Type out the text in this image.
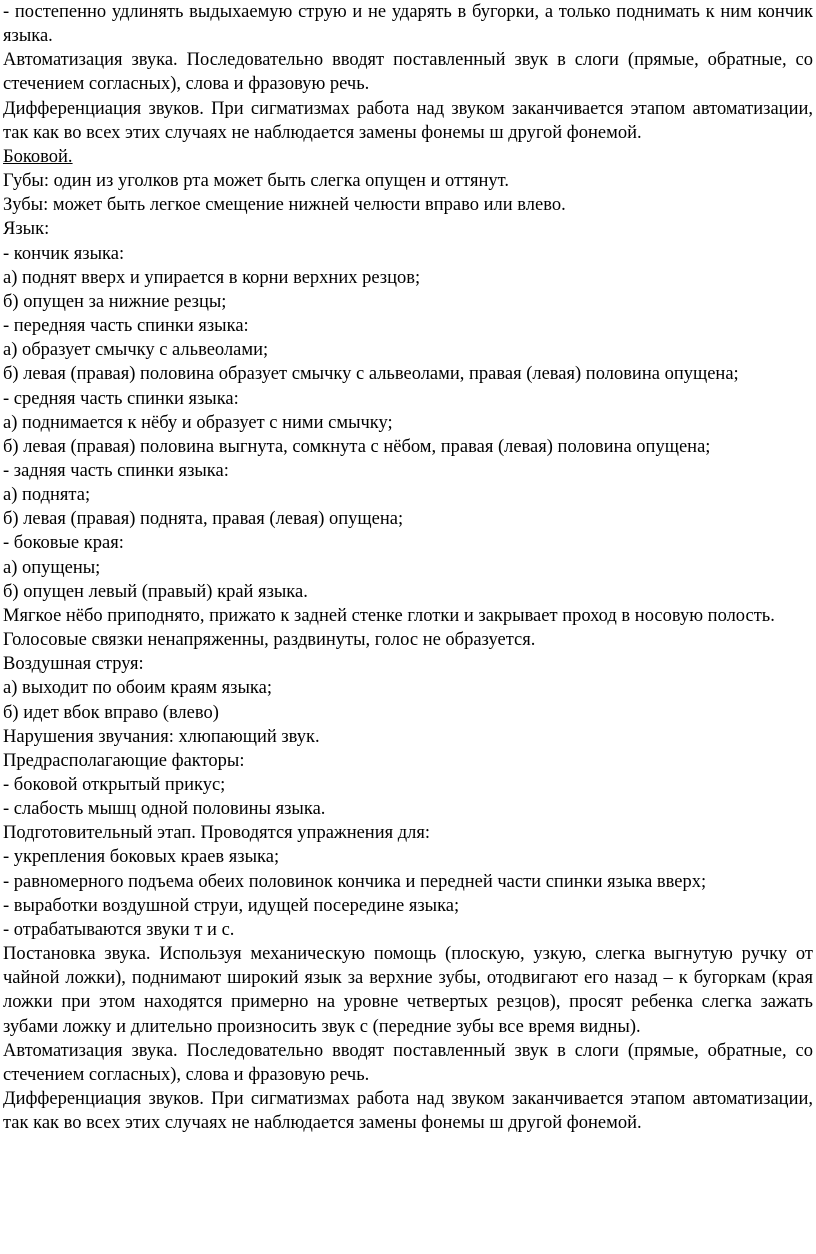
- постепенно удлинять выдыхаемую струю и не ударять в бугорки, а только поднимать к ним кончик языка.

Автоматизация звука. Последовательно вводят поставленный звук в слоги (прямые, обратные, со стечением согласных), слова и фразовую речь.

Дифференциация звуков. При сигматизмах работа над звуком заканчивается этапом автоматизации, так как во всех этих случаях не наблюдается замены фонемы ш другой фонемой.

Боковой.

Губы: один из уголков рта может быть слегка опущен и оттянут.

Зубы: может быть легкое смещение нижней челюсти вправо или влево.

Язык:

- кончик языка:

а) поднят вверх и упирается в корни верхних резцов;

б) опущен за нижние резцы;

- передняя часть спинки языка:

а) образует смычку с альвеолами;

б) левая (правая) половина образует смычку с альвеолами, правая (левая) половина опущена;

- средняя часть спинки языка:

а) поднимается к нёбу и образует с ними смычку;

б) левая (правая) половина выгнута, сомкнута с нёбом, правая (левая) половина опущена;

- задняя часть спинки языка:

а) поднята;

б) левая (правая) поднята, правая (левая) опущена;

- боковые края:

а) опущены;

б) опущен левый (правый) край языка.

Мягкое нёбо приподнято, прижато к задней стенке глотки и закрывает проход в носовую полость.

Голосовые связки ненапряженны, раздвинуты, голос не образуется.

Воздушная струя:

а) выходит по обоим краям языка;

б) идет вбок вправо (влево)

Нарушения звучания: хлюпающий звук.

Предрасполагающие факторы:

- боковой открытый прикус;

- слабость мышц одной половины языка.

Подготовительный этап. Проводятся упражнения для:

- укрепления боковых краев языка;

- равномерного подъема обеих половинок кончика и передней части спинки языка вверх;

- выработки воздушной струи, идущей посередине языка;

- отрабатываются звуки т и с.

Постановка звука. Используя механическую помощь (плоскую, узкую, слегка выгнутую ручку от чайной ложки), поднимают широкий язык за верхние зубы, отодвигают его назад – к бугоркам (края ложки при этом находятся примерно на уровне четвертых резцов), просят ребенка слегка зажать зубами ложку и длительно произносить звук с (передние зубы все время видны).

Автоматизация звука. Последовательно вводят поставленный звук в слоги (прямые, обратные, со стечением согласных), слова и фразовую речь.

Дифференциация звуков. При сигматизмах работа над звуком заканчивается этапом автоматизации, так как во всех этих случаях не наблюдается замены фонемы ш другой фонемой.
